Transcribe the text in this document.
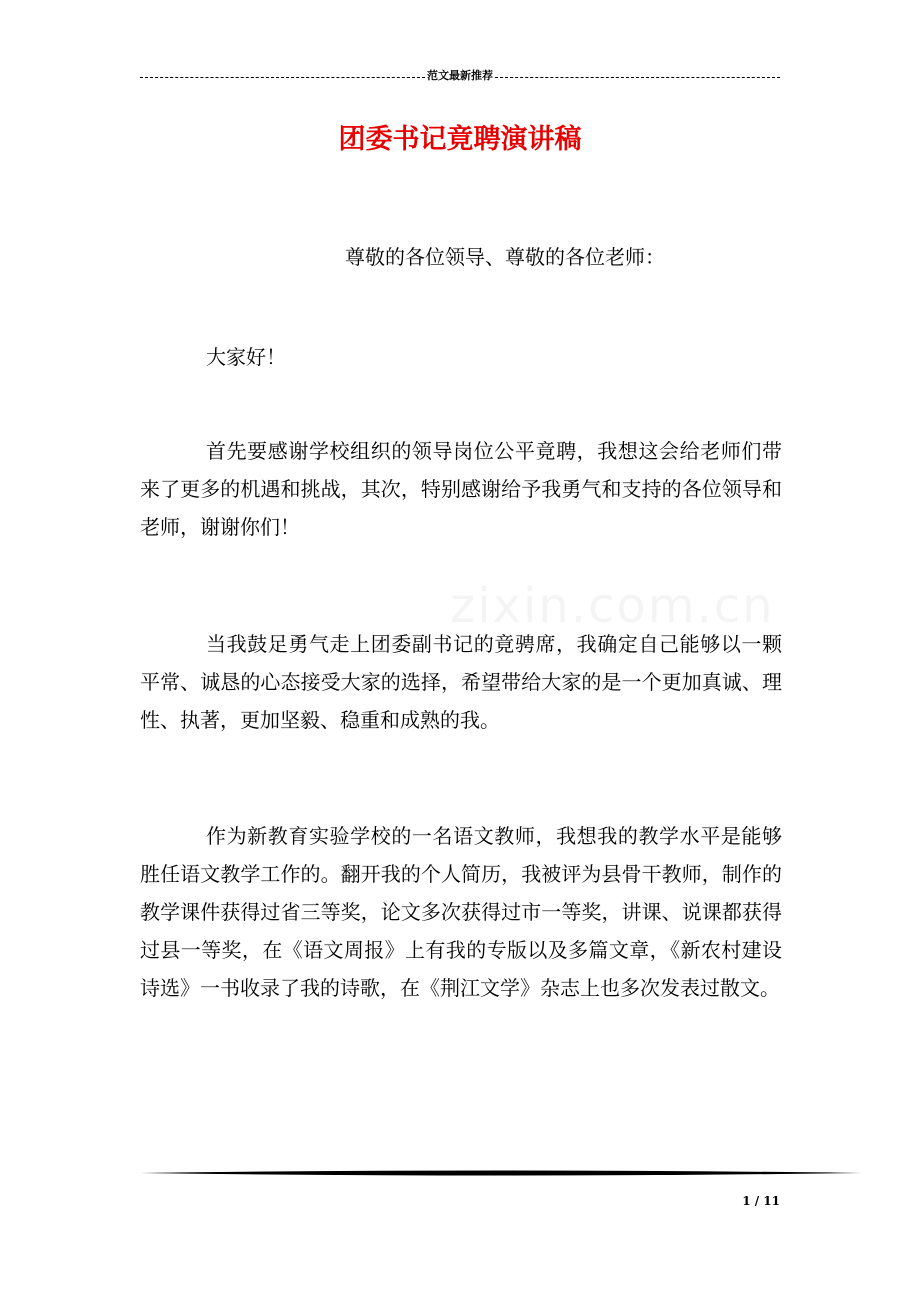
范文最新推荐
团委书记竟聘演讲稿
尊敬的各位领导、尊敬的各位老师：

大家好！

首先要感谢学校组织的领导岗位公平竟聘，我想这会给老师们带来了更多的机遇和挑战，其次，特别感谢给予我勇气和支持的各位领导和老师，谢谢你们！

当我鼓足勇气走上团委副书记的竟骋席，我确定自己能够以一颗平常、诚恳的心态接受大家的选择，希望带给大家的是一个更加真诚、理性、执著，更加坚毅、稳重和成熟的我。

作为新教育实验学校的一名语文教师，我想我的教学水平是能够胜任语文教学工作的。翻开我的个人简历，我被评为县骨干教师，制作的教学课件获得过省三等奖，论文多次获得过市一等奖，讲课、说课都获得过县一等奖，在《语文周报》上有我的专版以及多篇文章，《新农村建设诗选》一书收录了我的诗歌，在《荆江文学》杂志上也多次发表过散文。

1 / 11
